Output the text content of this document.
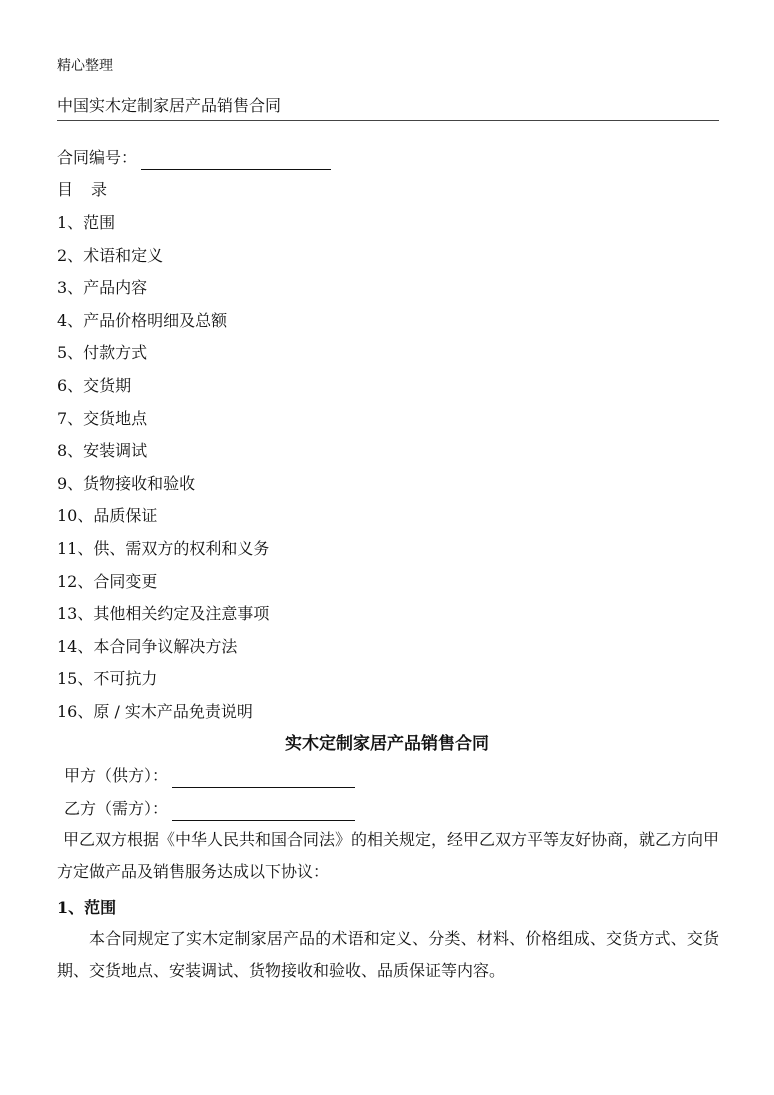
精心整理
中国实木定制家居产品销售合同
合同编号：
目录
1、范围
2、术语和定义
3、产品内容
4、产品价格明细及总额
5、付款方式
6、交货期
7、交货地点
8、安装调试
9、货物接收和验收
10、品质保证
11、供、需双方的权利和义务
12、合同变更
13、其他相关约定及注意事项
14、本合同争议解决方法
15、不可抗力
16、原 / 实木产品免责说明
实木定制家居产品销售合同
甲方（供方）：
乙方（需方）：

甲乙双方根据《中华人民共和国合同法》的相关规定，经甲乙双方平等友好协商，就乙方向甲方定做产品及销售服务达成以下协议：

1、范围

本合同规定了实木定制家居产品的术语和定义、分类、材料、价格组成、交货方式、交货期、交货地点、安装调试、货物接收和验收、品质保证等内容。
